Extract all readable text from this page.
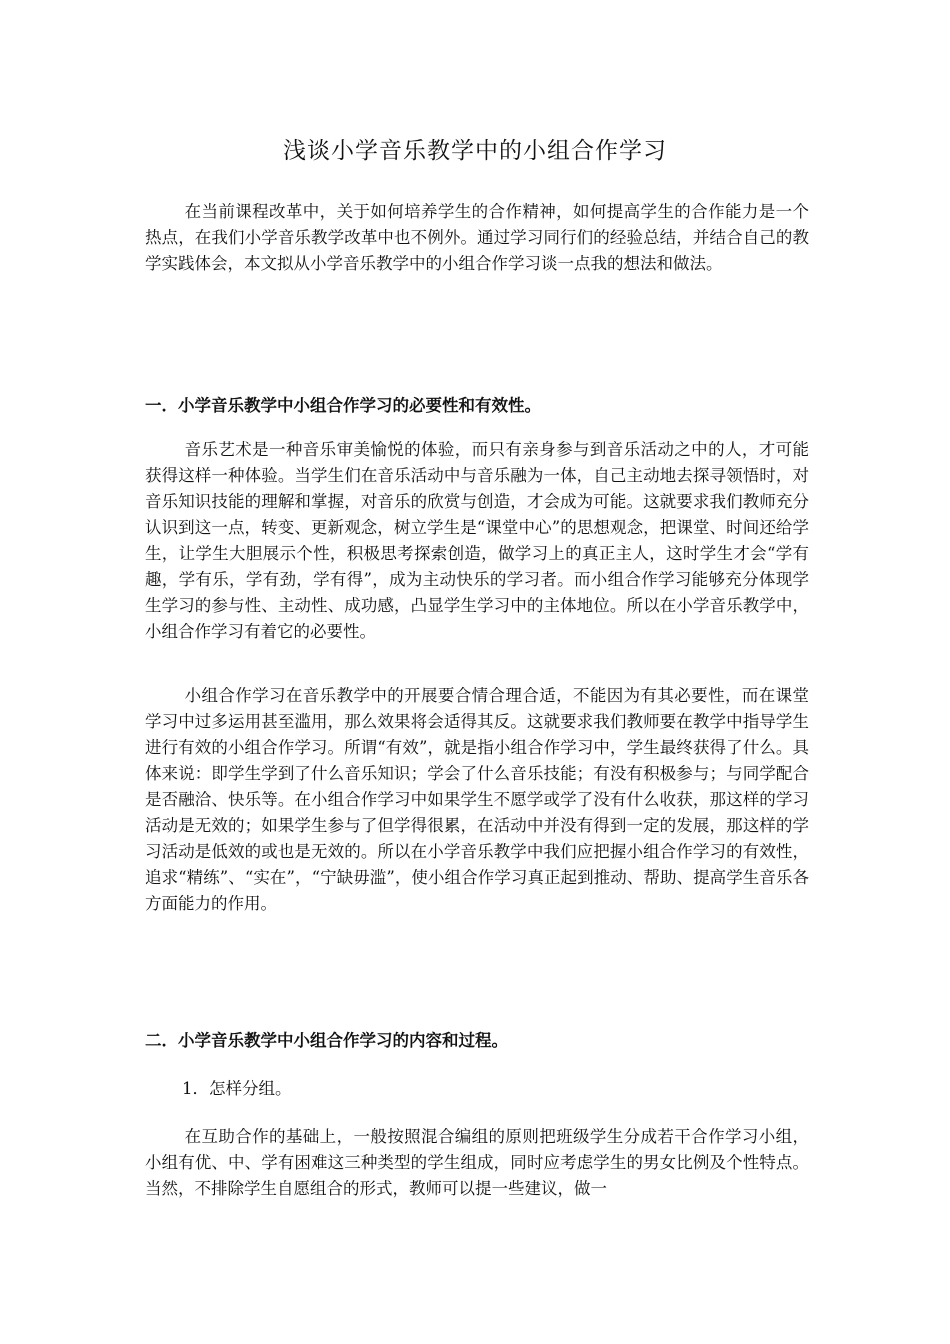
浅谈小学音乐教学中的小组合作学习

在当前课程改革中，关于如何培养学生的合作精神，如何提高学生的合作能力是一个热点，在我们小学音乐教学改革中也不例外。通过学习同行们的经验总结，并结合自己的教学实践体会，本文拟从小学音乐教学中的小组合作学习谈一点我的想法和做法。

一．小学音乐教学中小组合作学习的必要性和有效性。

音乐艺术是一种音乐审美愉悦的体验，而只有亲身参与到音乐活动之中的人，才可能获得这样一种体验。当学生们在音乐活动中与音乐融为一体，自己主动地去探寻领悟时，对音乐知识技能的理解和掌握，对音乐的欣赏与创造，才会成为可能。这就要求我们教师充分认识到这一点，转变、更新观念，树立学生是“课堂中心”的思想观念，把课堂、时间还给学生，让学生大胆展示个性，积极思考探索创造，做学习上的真正主人，这时学生才会“学有趣，学有乐，学有劲，学有得”，成为主动快乐的学习者。而小组合作学习能够充分体现学生学习的参与性、主动性、成功感，凸显学生学习中的主体地位。所以在小学音乐教学中，小组合作学习有着它的必要性。

小组合作学习在音乐教学中的开展要合情合理合适，不能因为有其必要性，而在课堂学习中过多运用甚至滥用，那么效果将会适得其反。这就要求我们教师要在教学中指导学生进行有效的小组合作学习。所谓“有效”，就是指小组合作学习中，学生最终获得了什么。具体来说：即学生学到了什么音乐知识；学会了什么音乐技能；有没有积极参与；与同学配合是否融洽、快乐等。在小组合作学习中如果学生不愿学或学了没有什么收获，那这样的学习活动是无效的；如果学生参与了但学得很累，在活动中并没有得到一定的发展，那这样的学习活动是低效的或也是无效的。所以在小学音乐教学中我们应把握小组合作学习的有效性，追求“精练”、“实在”，“宁缺毋滥”，使小组合作学习真正起到推动、帮助、提高学生音乐各方面能力的作用。

二．小学音乐教学中小组合作学习的内容和过程。

1．怎样分组。

在互助合作的基础上，一般按照混合编组的原则把班级学生分成若干合作学习小组，小组有优、中、学有困难这三种类型的学生组成，同时应考虑学生的男女比例及个性特点。当然，不排除学生自愿组合的形式，教师可以提一些建议，做一
